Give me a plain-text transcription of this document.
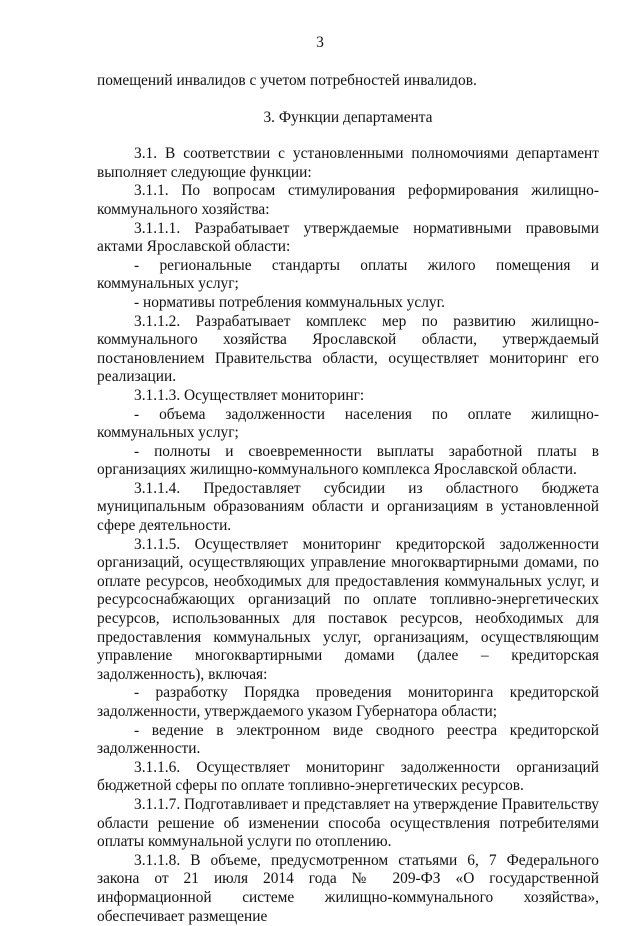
3

помещений инвалидов с учетом потребностей инвалидов.

3. Функции департамента

3.1. В соответствии с установленными полномочиями департамент выполняет следующие функции:

3.1.1. По вопросам стимулирования реформирования жилищно-коммунального хозяйства:

3.1.1.1. Разрабатывает утверждаемые нормативными правовыми актами Ярославской области:

- региональные стандарты оплаты жилого помещения и коммунальных услуг;

- нормативы потребления коммунальных услуг.

3.1.1.2. Разрабатывает комплекс мер по развитию жилищно-коммунального хозяйства Ярославской области, утверждаемый постановлением Правительства области, осуществляет мониторинг его реализации.

3.1.1.3. Осуществляет мониторинг:

- объема задолженности населения по оплате жилищно-коммунальных услуг;

- полноты и своевременности выплаты заработной платы в организациях жилищно-коммунального комплекса Ярославской области.

3.1.1.4. Предоставляет субсидии из областного бюджета муниципальным образованиям области и организациям в установленной сфере деятельности.

3.1.1.5. Осуществляет мониторинг кредиторской задолженности организаций, осуществляющих управление многоквартирными домами, по оплате ресурсов, необходимых для предоставления коммунальных услуг, и ресурсоснабжающих организаций по оплате топливно-энергетических ресурсов, использованных для поставок ресурсов, необходимых для предоставления коммунальных услуг, организациям, осуществляющим управление многоквартирными домами (далее – кредиторская задолженность), включая:

- разработку Порядка проведения мониторинга кредиторской задолженности, утверждаемого указом Губернатора области;

- ведение в электронном виде сводного реестра кредиторской задолженности.

3.1.1.6. Осуществляет мониторинг задолженности организаций бюджетной сферы по оплате топливно-энергетических ресурсов.

3.1.1.7. Подготавливает и представляет на утверждение Правительству области решение об изменении способа осуществления потребителями оплаты коммунальной услуги по отоплению.

3.1.1.8. В объеме, предусмотренном статьями 6, 7 Федерального закона от 21 июля 2014 года № 209-ФЗ «О государственной информационной системе жилищно-коммунального хозяйства», обеспечивает размещение
